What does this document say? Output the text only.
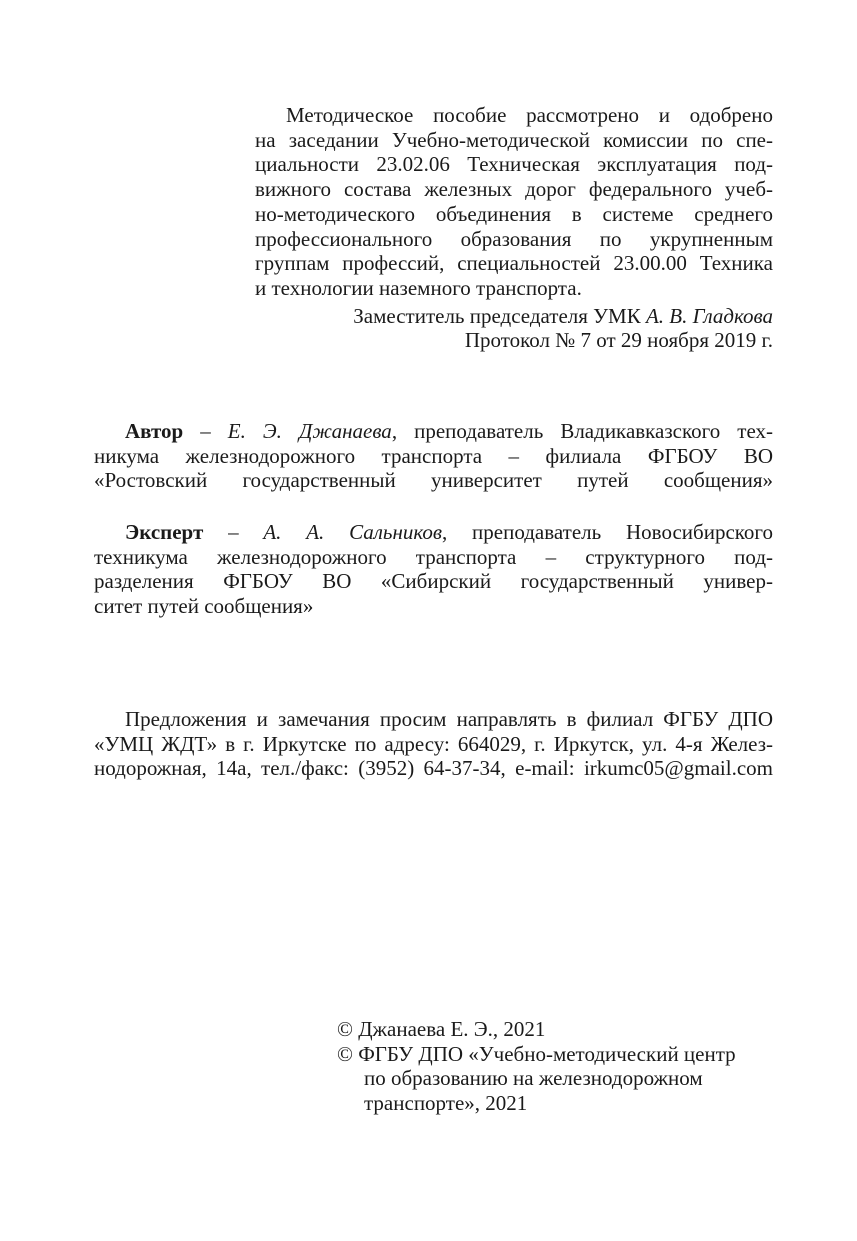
Методическое пособие рассмотрено и одобрено
на заседании Учебно-методической комиссии по спе-
циальности 23.02.06 Техническая эксплуатация под-
вижного состава железных дорог федерального учеб-
но-методического объединения в системе среднего
профессионального образования по укрупненным
группам профессий, специальностей 23.00.00 Техника
и технологии наземного транспорта.
Заместитель председателя УМК А. В. Гладкова
Протокол № 7 от 29 ноября 2019 г.
Автор – Е. Э. Джанаева, преподаватель Владикавказского тех-
никума железнодорожного транспорта – филиала ФГБОУ ВО
«Ростовский государственный университет путей сообщения»
Эксперт – А. А. Сальников, преподаватель Новосибирского
техникума железнодорожного транспорта – структурного под-
разделения ФГБОУ ВО «Сибирский государственный универ-
ситет путей сообщения»
Предложения и замечания просим направлять в филиал ФГБУ ДПО
«УМЦ ЖДТ» в г. Иркутске по адресу: 664029, г. Иркутск, ул. 4-я Желез-
нодорожная, 14а, тел./факс: (3952) 64-37-34, e-mail: irkumc05@gmail.com
© Джанаева Е. Э., 2021
© ФГБУ ДПО «Учебно-методический центр
по образованию на железнодорожном
транспорте», 2021
